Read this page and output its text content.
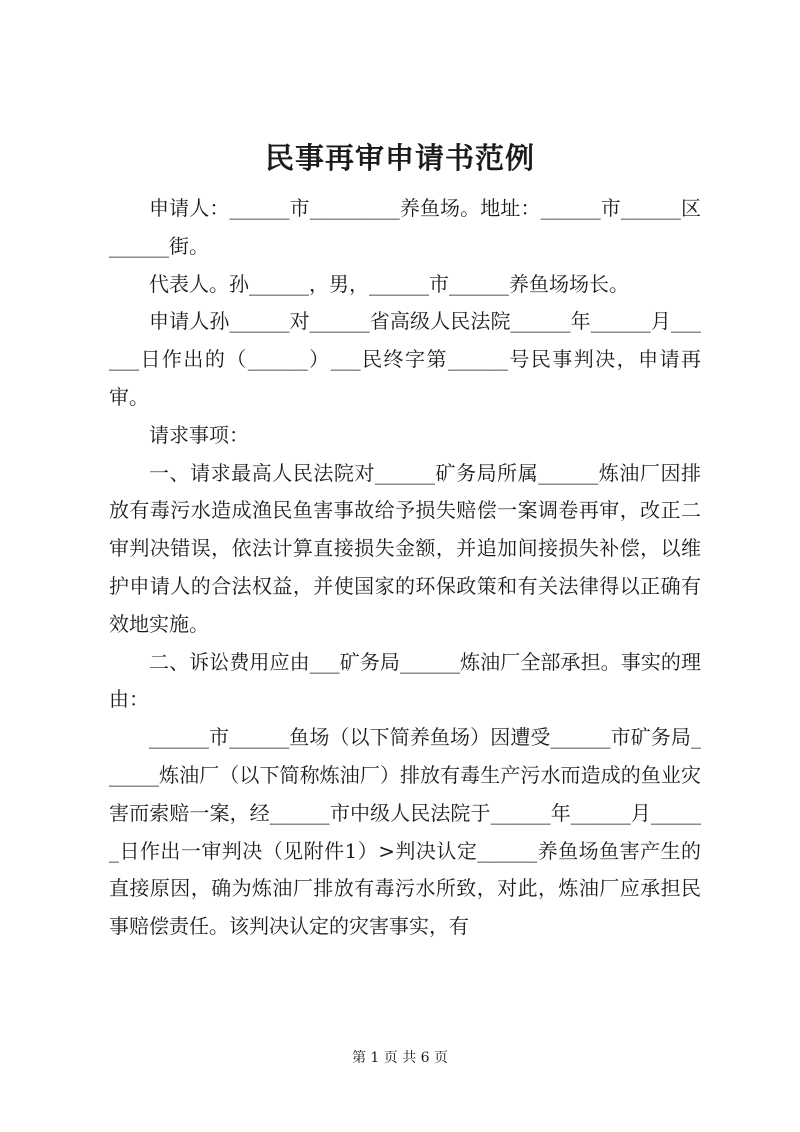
民事再审申请书范例

申请人：______市_________养鱼场。地址：______市______区______街。

代表人。孙______，男，______市______养鱼场场长。

申请人孙______对______省高级人民法院______年______月______日作出的（______）___民终字第______号民事判决，申请再审。

请求事项：

一、请求最高人民法院对______矿务局所属______炼油厂因排放有毒污水造成渔民鱼害事故给予损失赔偿一案调卷再审，改正二审判决错误，依法计算直接损失金额，并追加间接损失补偿，以维护申请人的合法权益，并使国家的环保政策和有关法律得以正确有效地实施。

二、诉讼费用应由___矿务局______炼油厂全部承担。事实的理由：

______市______鱼场（以下简养鱼场）因遭受______市矿务局______炼油厂（以下简称炼油厂）排放有毒生产污水而造成的鱼业灾害而索赔一案，经______市中级人民法院于______年______月______日作出一审判决（见附件1）>判决认定______养鱼场鱼害产生的直接原因，确为炼油厂排放有毒污水所致，对此，炼油厂应承担民事赔偿责任。该判决认定的灾害事实，有

第 1 页 共 6 页
